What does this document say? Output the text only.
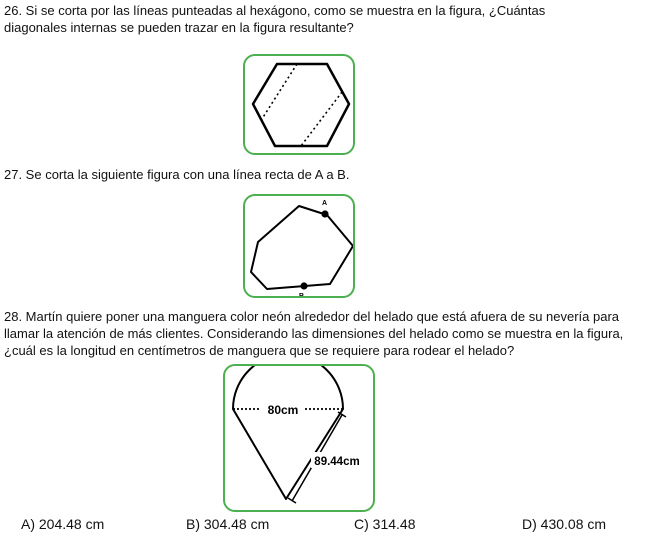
26. Si se corta por las líneas punteadas al hexágono, como se muestra en la figura, ¿Cuántas

diagonales internas se pueden trazar en la figura resultante?

27. Se corta la siguiente figura con una línea recta de A a B.

A
B

28. Martín quiere poner una manguera color neón alrededor del helado que está afuera de su nevería para

llamar la atención de más clientes. Considerando las dimensiones del helado como se muestra en la figura,

¿cuál es la longitud en centímetros de manguera que se requiere para rodear el helado?

80cm
89.44cm
A) 204.48 cm	B) 304.48 cm	C) 314.48	D) 430.08 cm
